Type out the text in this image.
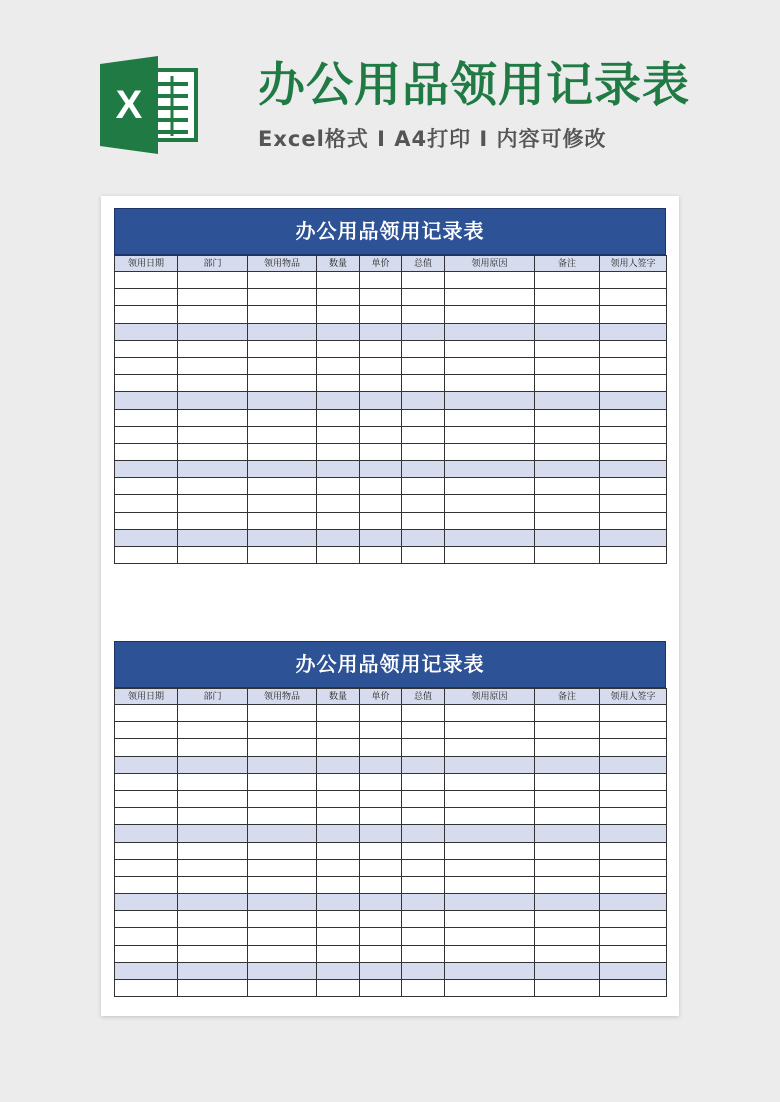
X 办公用品领用记录表
Excel格式 I A4打印 I 内容可修改
办公用品领用记录表
领用日期	部门	领用物品	数量	单价	总值	领用原因	备注	领用人签字

办公用品领用记录表
领用日期	部门	领用物品	数量	单价	总值	领用原因	备注	领用人签字
